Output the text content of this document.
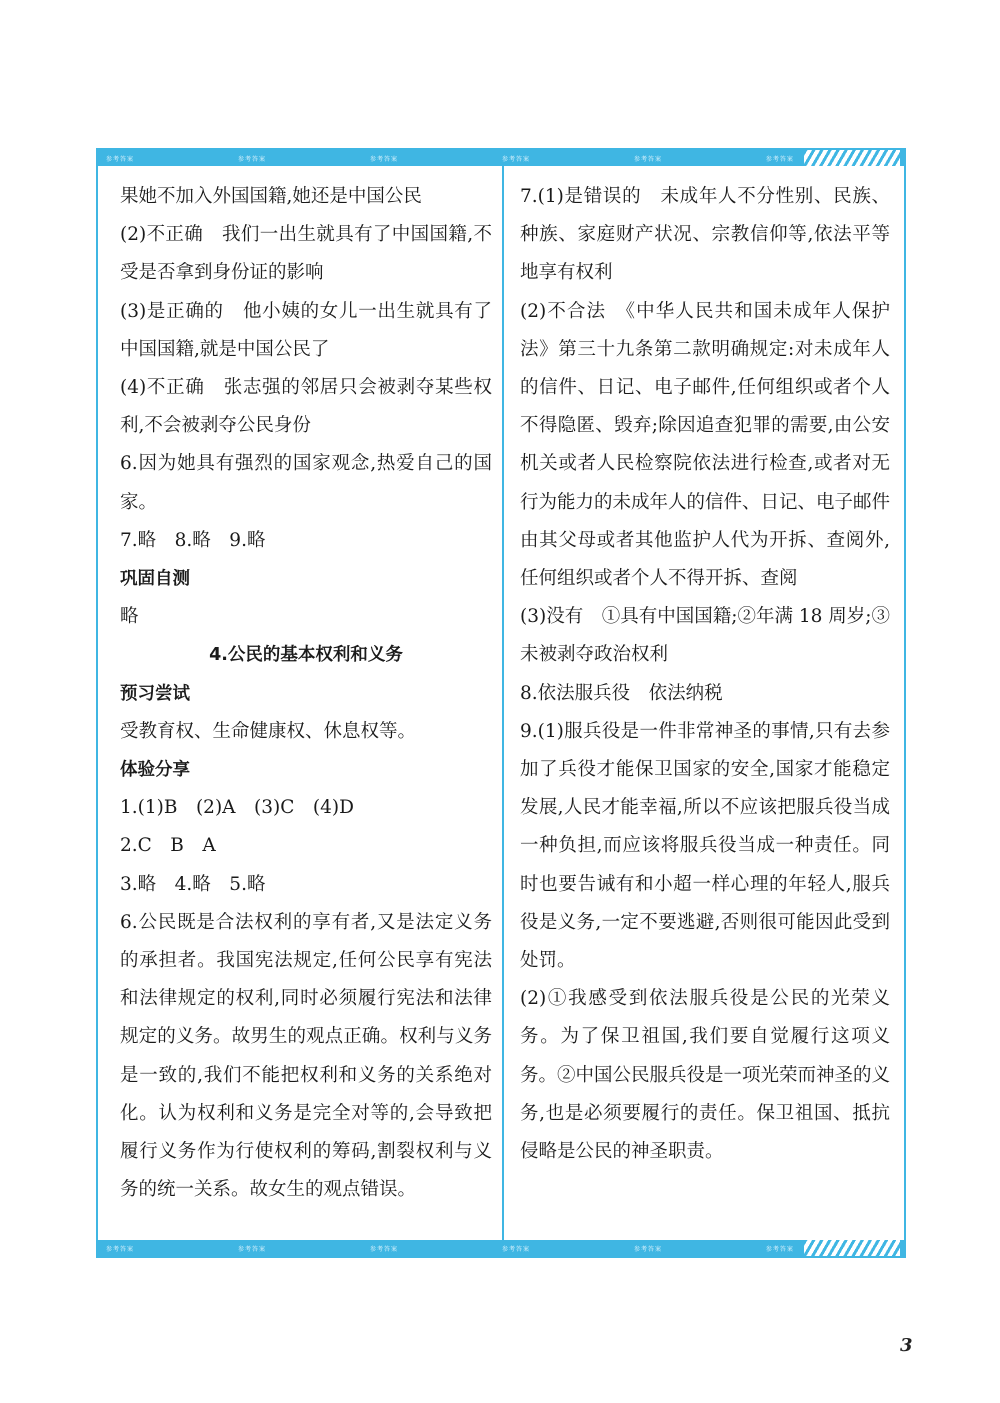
参考答案	参考答案	参考答案	参考答案	参考答案	参考答案

果她不加入外国国籍,她还是中国公民

(2)不正确　我们一出生就具有了中国国籍,不受是否拿到身份证的影响

(3)是正确的　他小姨的女儿一出生就具有了中国国籍,就是中国公民了

(4)不正确　张志强的邻居只会被剥夺某些权利,不会被剥夺公民身份

6.因为她具有强烈的国家观念,热爱自己的国家。

7.略　8.略　9.略

巩固自测

略

4.公民的基本权利和义务

预习尝试

受教育权、生命健康权、休息权等。

体验分享

1.(1)B　(2)A　(3)C　(4)D

2.C　B　A

3.略　4.略　5.略

6.公民既是合法权利的享有者,又是法定义务的承担者。我国宪法规定,任何公民享有宪法和法律规定的权利,同时必须履行宪法和法律规定的义务。故男生的观点正确。权利与义务是一致的,我们不能把权利和义务的关系绝对化。认为权利和义务是完全对等的,会导致把履行义务作为行使权利的筹码,割裂权利与义务的统一关系。故女生的观点错误。

7.(1)是错误的　未成年人不分性别、民族、种族、家庭财产状况、宗教信仰等,依法平等地享有权利

(2)不合法　《中华人民共和国未成年人保护法》第三十九条第二款明确规定:对未成年人的信件、日记、电子邮件,任何组织或者个人不得隐匿、毁弃;除因追查犯罪的需要,由公安机关或者人民检察院依法进行检查,或者对无行为能力的未成年人的信件、日记、电子邮件由其父母或者其他监护人代为开拆、查阅外,任何组织或者个人不得开拆、查阅

(3)没有　①具有中国国籍;②年满 18 周岁;③未被剥夺政治权利

8.依法服兵役　依法纳税

9.(1)服兵役是一件非常神圣的事情,只有去参加了兵役才能保卫国家的安全,国家才能稳定发展,人民才能幸福,所以不应该把服兵役当成一种负担,而应该将服兵役当成一种责任。同时也要告诫有和小超一样心理的年轻人,服兵役是义务,一定不要逃避,否则很可能因此受到处罚。

(2)①我感受到依法服兵役是公民的光荣义务。为了保卫祖国,我们要自觉履行这项义务。②中国公民服兵役是一项光荣而神圣的义务,也是必须要履行的责任。保卫祖国、抵抗侵略是公民的神圣职责。

参考答案	参考答案	参考答案	参考答案	参考答案	参考答案
3
